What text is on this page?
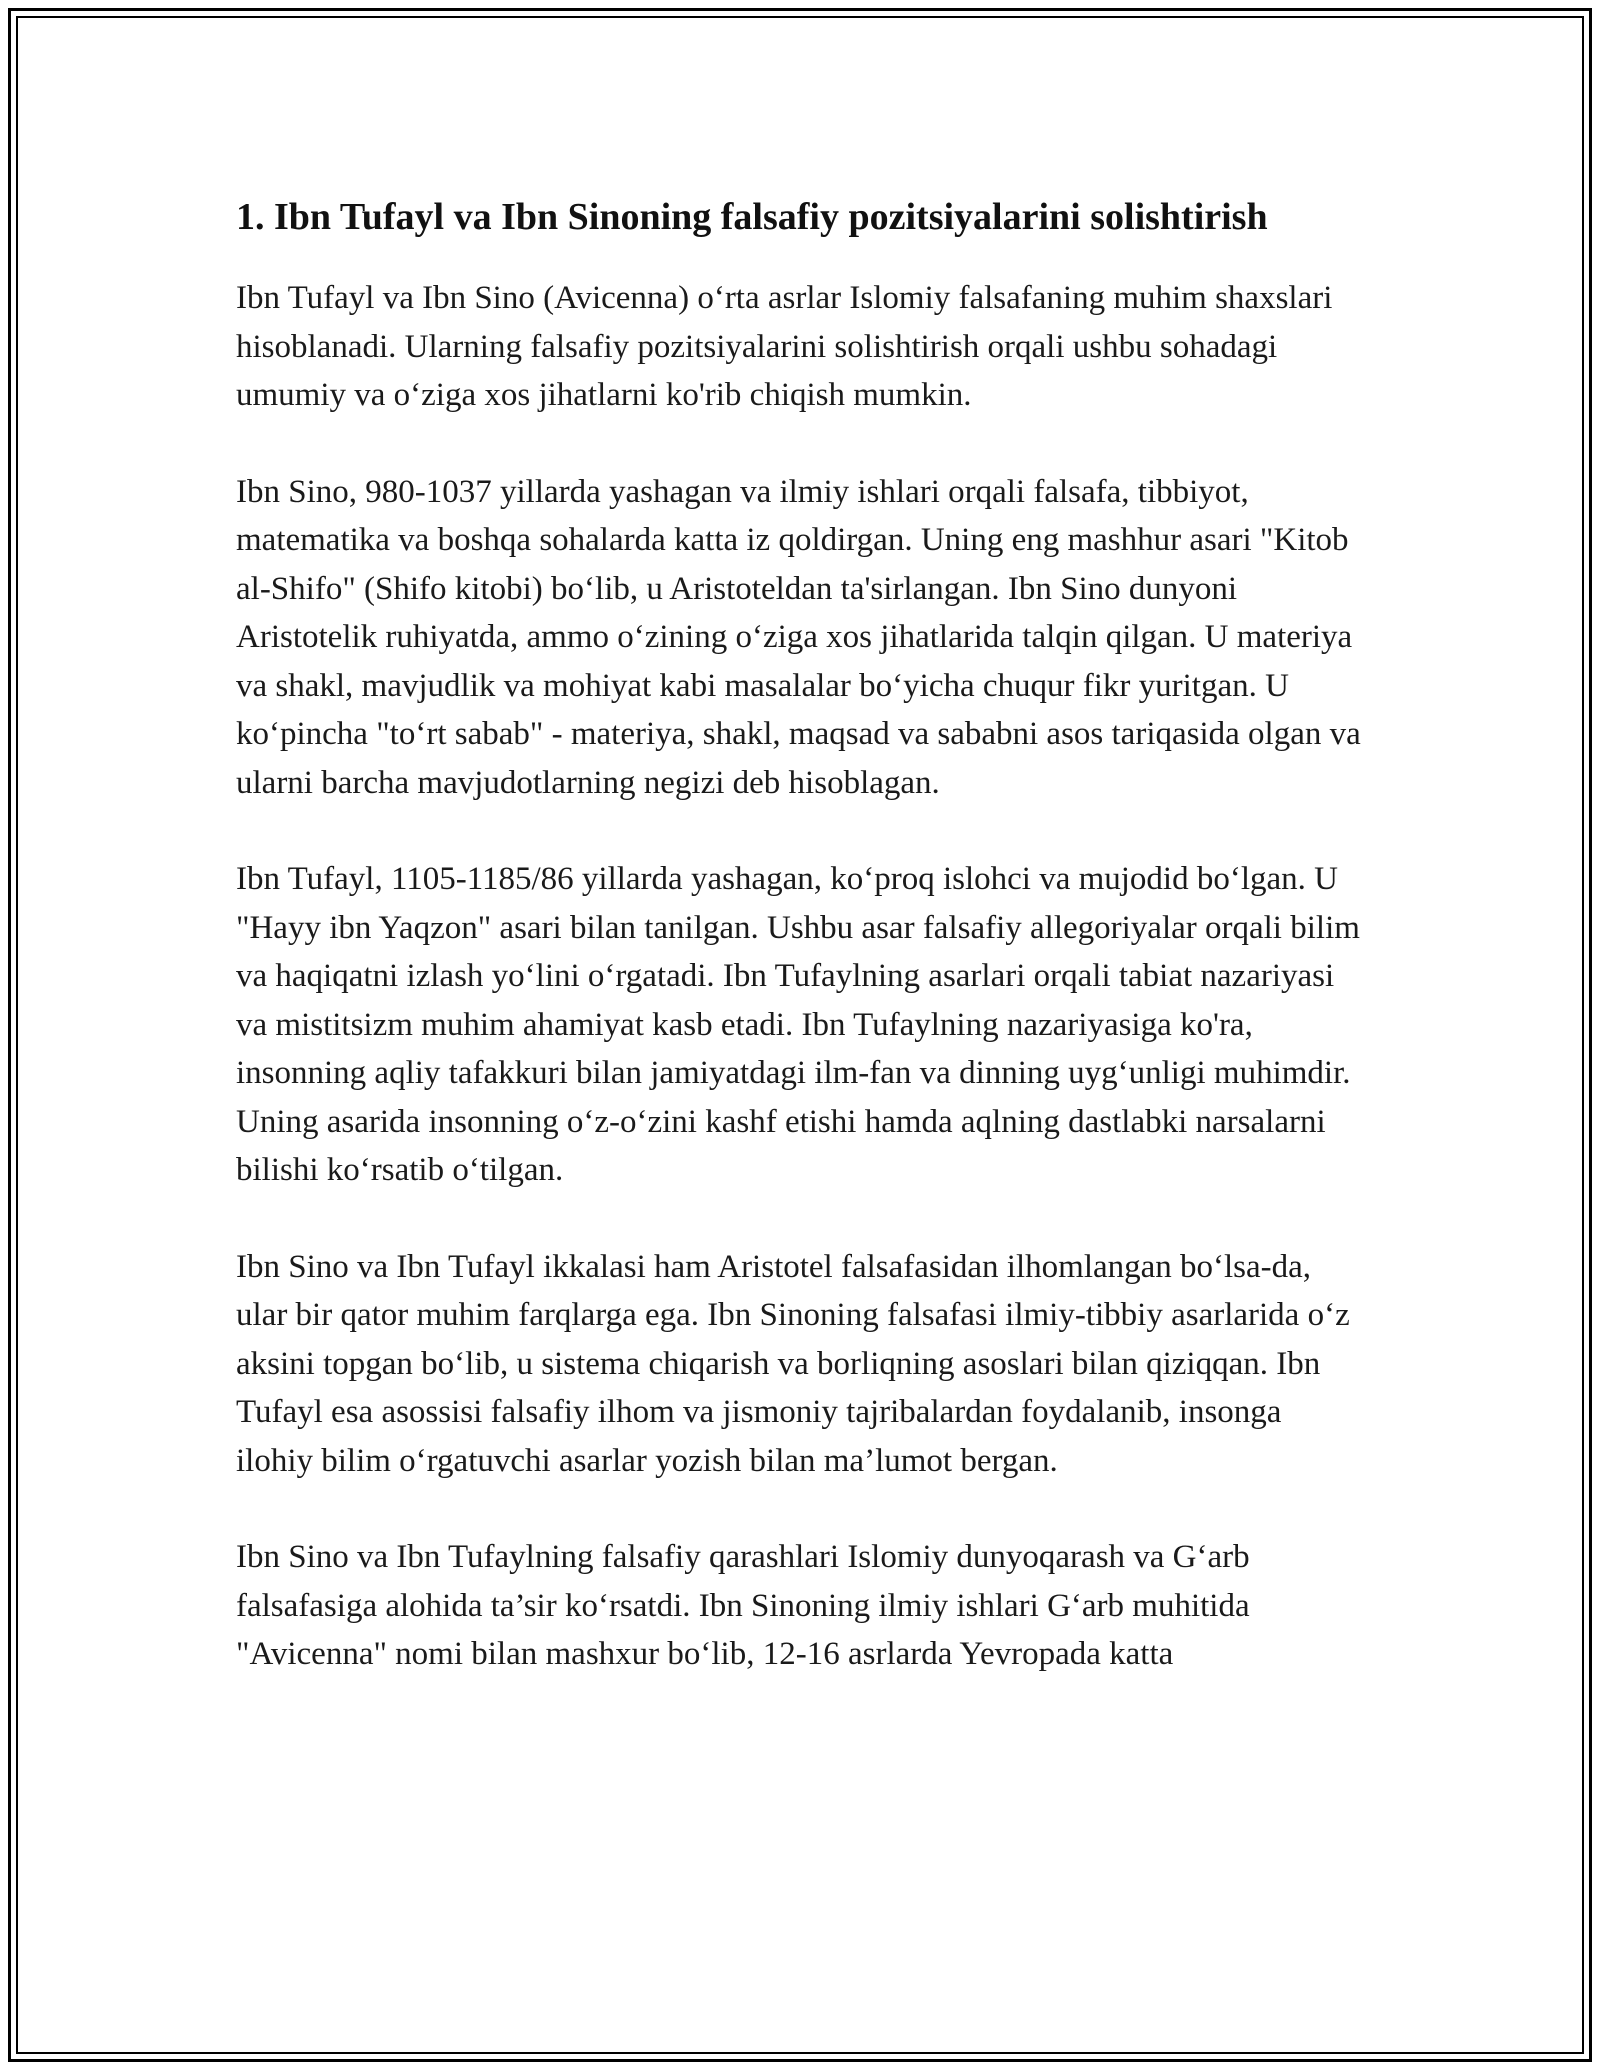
1. Ibn Tufayl va Ibn Sinoning falsafiy pozitsiyalarini solishtirish

Ibn Tufayl va Ibn Sino (Avicenna) o‘rta asrlar Islomiy falsafaning muhim shaxslari hisoblanadi. Ularning falsafiy pozitsiyalarini solishtirish orqali ushbu sohadagi umumiy va o‘ziga xos jihatlarni ko'rib chiqish mumkin.

Ibn Sino, 980-1037 yillarda yashagan va ilmiy ishlari orqali falsafa, tibbiyot, matematika va boshqa sohalarda katta iz qoldirgan. Uning eng mashhur asari "Kitob al-Shifo" (Shifo kitobi) bo‘lib, u Aristoteldan ta'sirlangan. Ibn Sino dunyoni Aristotelik ruhiyatda, ammo o‘zining o‘ziga xos jihatlarida talqin qilgan. U materiya va shakl, mavjudlik va mohiyat kabi masalalar bo‘yicha chuqur fikr yuritgan. U ko‘pincha "to‘rt sabab" - materiya, shakl, maqsad va sababni asos tariqasida olgan va ularni barcha mavjudotlarning negizi deb hisoblagan.

Ibn Tufayl, 1105-1185/86 yillarda yashagan, ko‘proq islohci va mujodid bo‘lgan. U "Hayy ibn Yaqzon" asari bilan tanilgan. Ushbu asar falsafiy allegoriyalar orqali bilim va haqiqatni izlash yo‘lini o‘rgatadi. Ibn Tufaylning asarlari orqali tabiat nazariyasi va mistitsizm muhim ahamiyat kasb etadi. Ibn Tufaylning nazariyasiga ko'ra, insonning aqliy tafakkuri bilan jamiyatdagi ilm-fan va dinning uyg‘unligi muhimdir. Uning asarida insonning o‘z-o‘zini kashf etishi hamda aqlning dastlabki narsalarni bilishi ko‘rsatib o‘tilgan.

Ibn Sino va Ibn Tufayl ikkalasi ham Aristotel falsafasidan ilhomlangan bo‘lsa-da, ular bir qator muhim farqlarga ega. Ibn Sinoning falsafasi ilmiy-tibbiy asarlarida o‘z aksini topgan bo‘lib, u sistema chiqarish va borliqning asoslari bilan qiziqqan. Ibn Tufayl esa asossisi falsafiy ilhom va jismoniy tajribalardan foydalanib, insonga ilohiy bilim o‘rgatuvchi asarlar yozish bilan ma’lumot bergan.

Ibn Sino va Ibn Tufaylning falsafiy qarashlari Islomiy dunyoqarash va G‘arb falsafasiga alohida ta’sir ko‘rsatdi. Ibn Sinoning ilmiy ishlari G‘arb muhitida "Avicenna" nomi bilan mashxur bo‘lib, 12-16 asrlarda Yevropada katta
